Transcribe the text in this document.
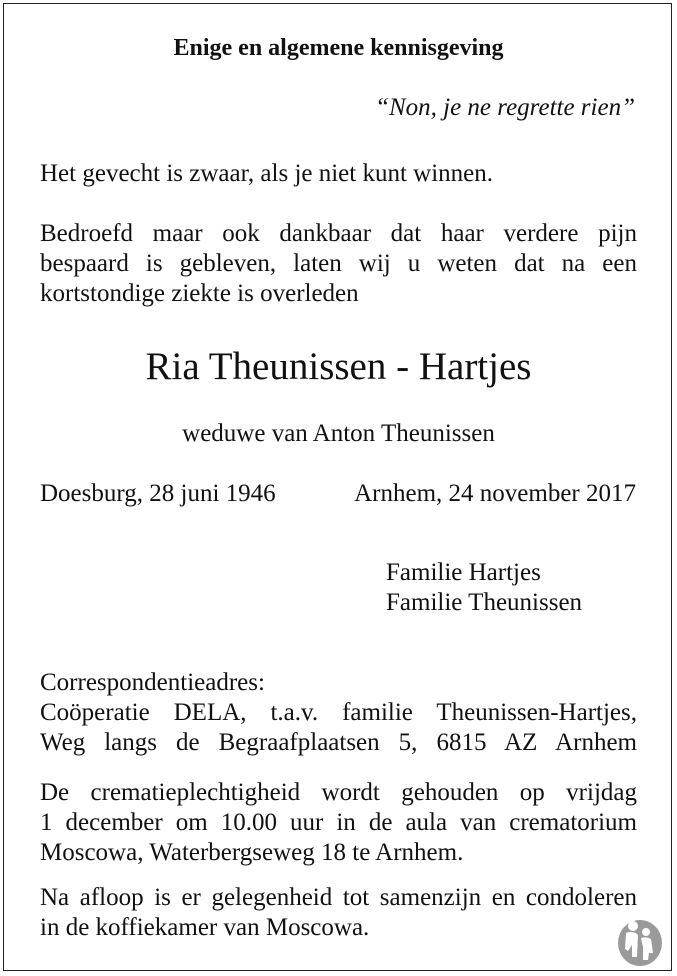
Enige en algemene kennisgeving
“Non, je ne regrette rien”
Het gevecht is zwaar, als je niet kunt winnen.
Bedroefd maar ook dankbaar dat haar verdere pijn
bespaard is gebleven, laten wij u weten dat na een
kortstondige ziekte is overleden
Ria Theunissen - Hartjes
weduwe van Anton Theunissen
Doesburg, 28 juni 1946	Arnhem, 24 november 2017
Familie Hartjes
Familie Theunissen
Correspondentieadres:
Coöperatie DELA, t.a.v. familie Theunissen-Hartjes,
Weg langs de Begraafplaatsen 5, 6815 AZ Arnhem
De crematieplechtigheid wordt gehouden op vrijdag
1 december om 10.00 uur in de aula van crematorium
Moscowa, Waterbergseweg 18 te Arnhem.
Na afloop is er gelegenheid tot samenzijn en condoleren
in de koffiekamer van Moscowa.
